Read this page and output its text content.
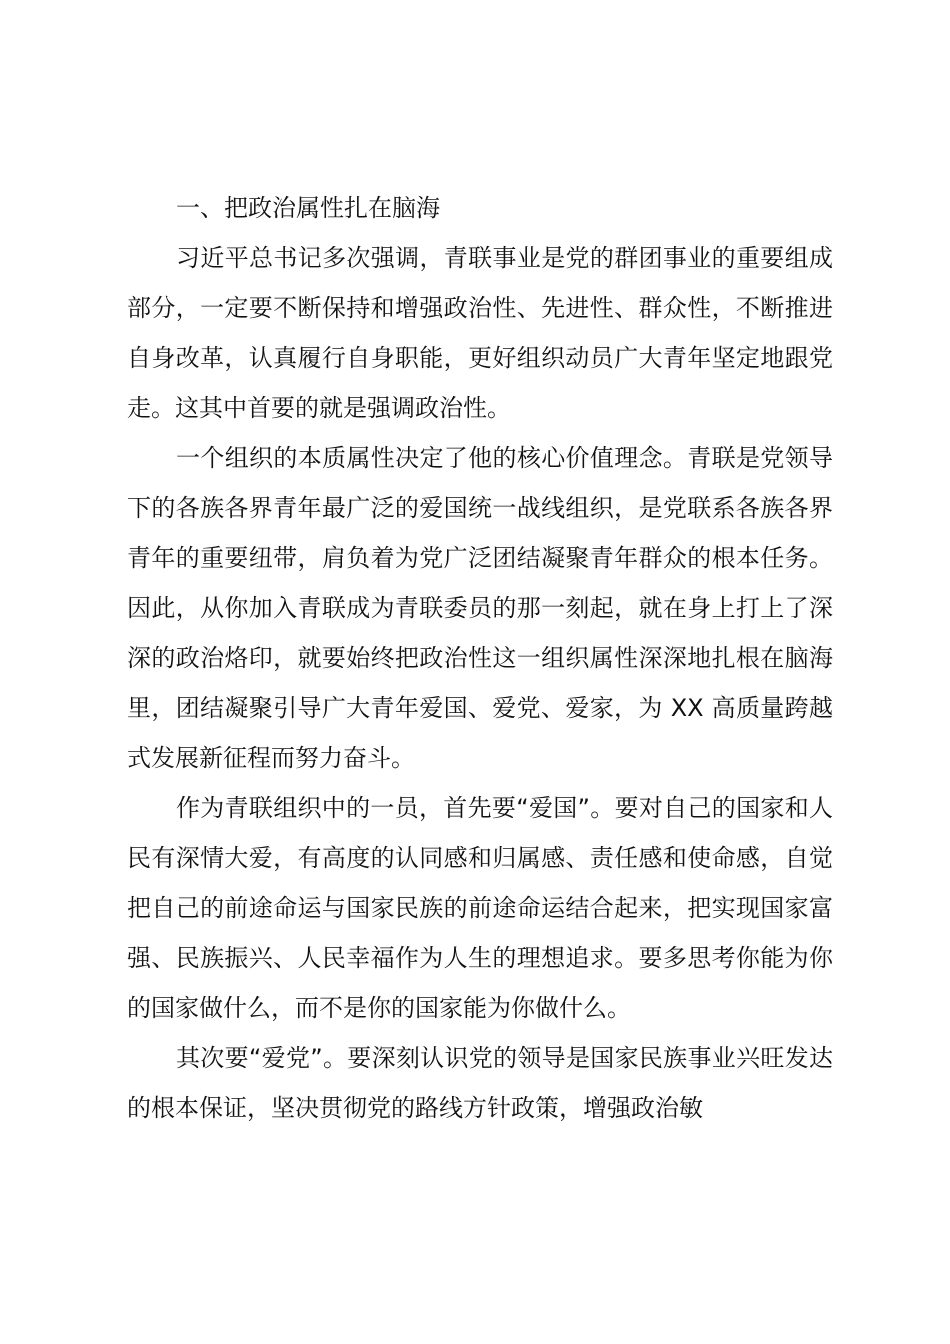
一、把政治属性扎在脑海

习近平总书记多次强调，青联事业是党的群团事业的重要组成部分，一定要不断保持和增强政治性、先进性、群众性，不断推进自身改革，认真履行自身职能，更好组织动员广大青年坚定地跟党走。这其中首要的就是强调政治性。

一个组织的本质属性决定了他的核心价值理念。青联是党领导下的各族各界青年最广泛的爱国统一战线组织，是党联系各族各界青年的重要纽带，肩负着为党广泛团结凝聚青年群众的根本任务。因此，从你加入青联成为青联委员的那一刻起，就在身上打上了深深的政治烙印，就要始终把政治性这一组织属性深深地扎根在脑海里，团结凝聚引导广大青年爱国、爱党、爱家，为 XX 高质量跨越式发展新征程而努力奋斗。

作为青联组织中的一员，首先要“爱国”。要对自己的国家和人民有深情大爱，有高度的认同感和归属感、责任感和使命感，自觉把自己的前途命运与国家民族的前途命运结合起来，把实现国家富强、民族振兴、人民幸福作为人生的理想追求。要多思考你能为你的国家做什么，而不是你的国家能为你做什么。

其次要“爱党”。要深刻认识党的领导是国家民族事业兴旺发达的根本保证，坚决贯彻党的路线方针政策，增强政治敏
